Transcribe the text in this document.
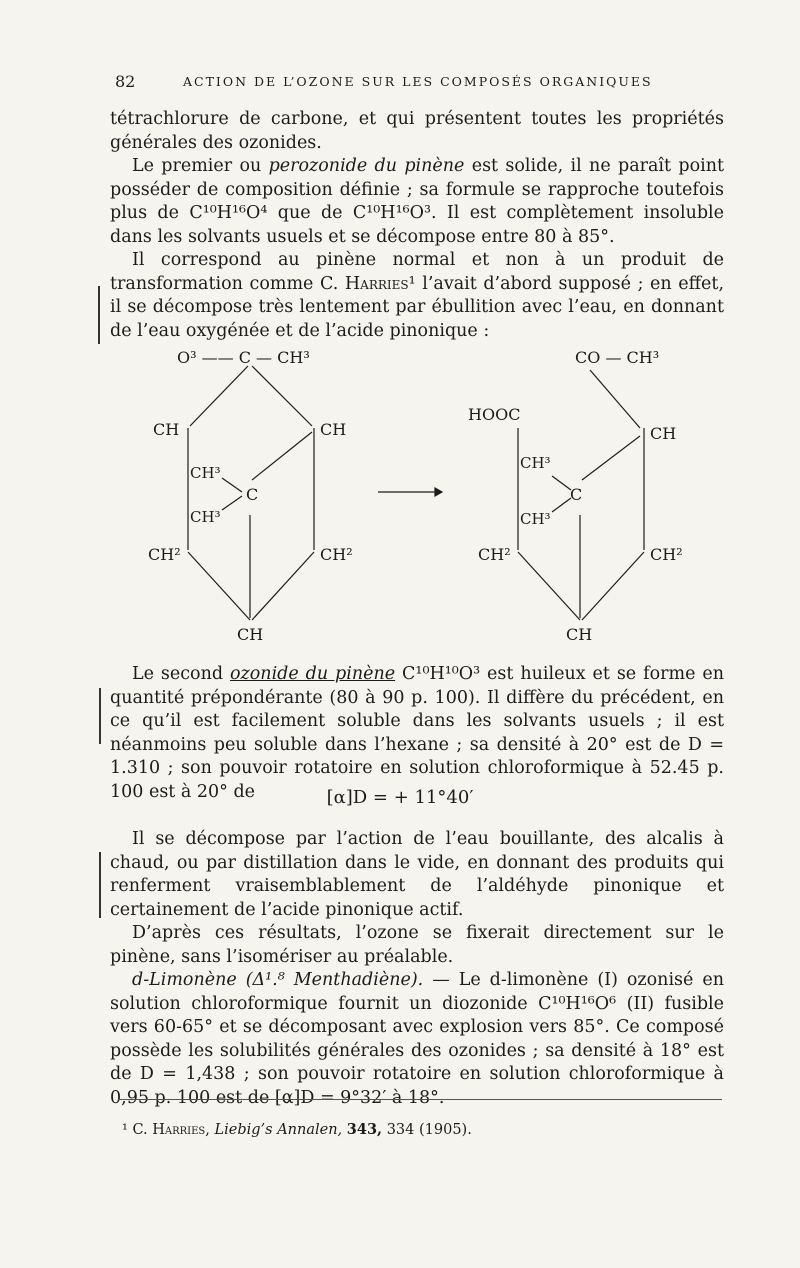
82	ACTION DE L’OZONE SUR LES COMPOSÉS ORGANIQUES

tétrachlorure de carbone, et qui présentent toutes les propriétés générales des ozonides.

Le premier ou perozonide du pinène est solide, il ne paraît point posséder de composition définie ; sa formule se rapproche toutefois plus de C¹⁰H¹⁶O⁴ que de C¹⁰H¹⁶O³. Il est complètement insoluble dans les solvants usuels et se décompose entre 80 à 85°.

Il correspond au pinène normal et non à un produit de transformation comme C. Harries¹ l’avait d’abord supposé ; en effet, il se décompose très lentement par ébullition avec l’eau, en donnant de l’eau oxygénée et de l’acide pinonique :

O³ —— C — CH³
CH	CH
CH³
C
CH³
CH²	CH²
CH
CO — CH³
HOOC
CH
CH³
C
CH³
CH²	CH²
CH

Le second ozonide du pinène C¹⁰H¹⁰O³ est huileux et se forme en quantité prépondérante (80 à 90 p. 100). Il diffère du précédent, en ce qu’il est facilement soluble dans les solvants usuels ; il est néanmoins peu soluble dans l’hexane ; sa densité à 20° est de D = 1.310 ; son pouvoir rotatoire en solution chloroformique à 52.45 p. 100 est à 20° de	[α]D = + 11°40′

Il se décompose par l’action de l’eau bouillante, des alcalis à chaud, ou par distillation dans le vide, en donnant des produits qui renferment vraisemblablement de l’aldéhyde pinonique et certainement de l’acide pinonique actif.

D’après ces résultats, l’ozone se fixerait directement sur le pinène, sans l’isomériser au préalable.

d-Limonène (Δ¹.⁸ Menthadiène). — Le d-limonène (I) ozonisé en solution chloroformique fournit un diozonide C¹⁰H¹⁶O⁶ (II) fusible vers 60-65° et se décomposant avec explosion vers 85°. Ce composé possède les solubilités générales des ozonides ; sa densité à 18° est de D = 1,438 ; son pouvoir rotatoire en solution chloroformique à 0,95 p. 100 est de [α]D = 9°32′ à 18°.

¹ C. Harries, Liebig’s Annalen, 343, 334 (1905).
